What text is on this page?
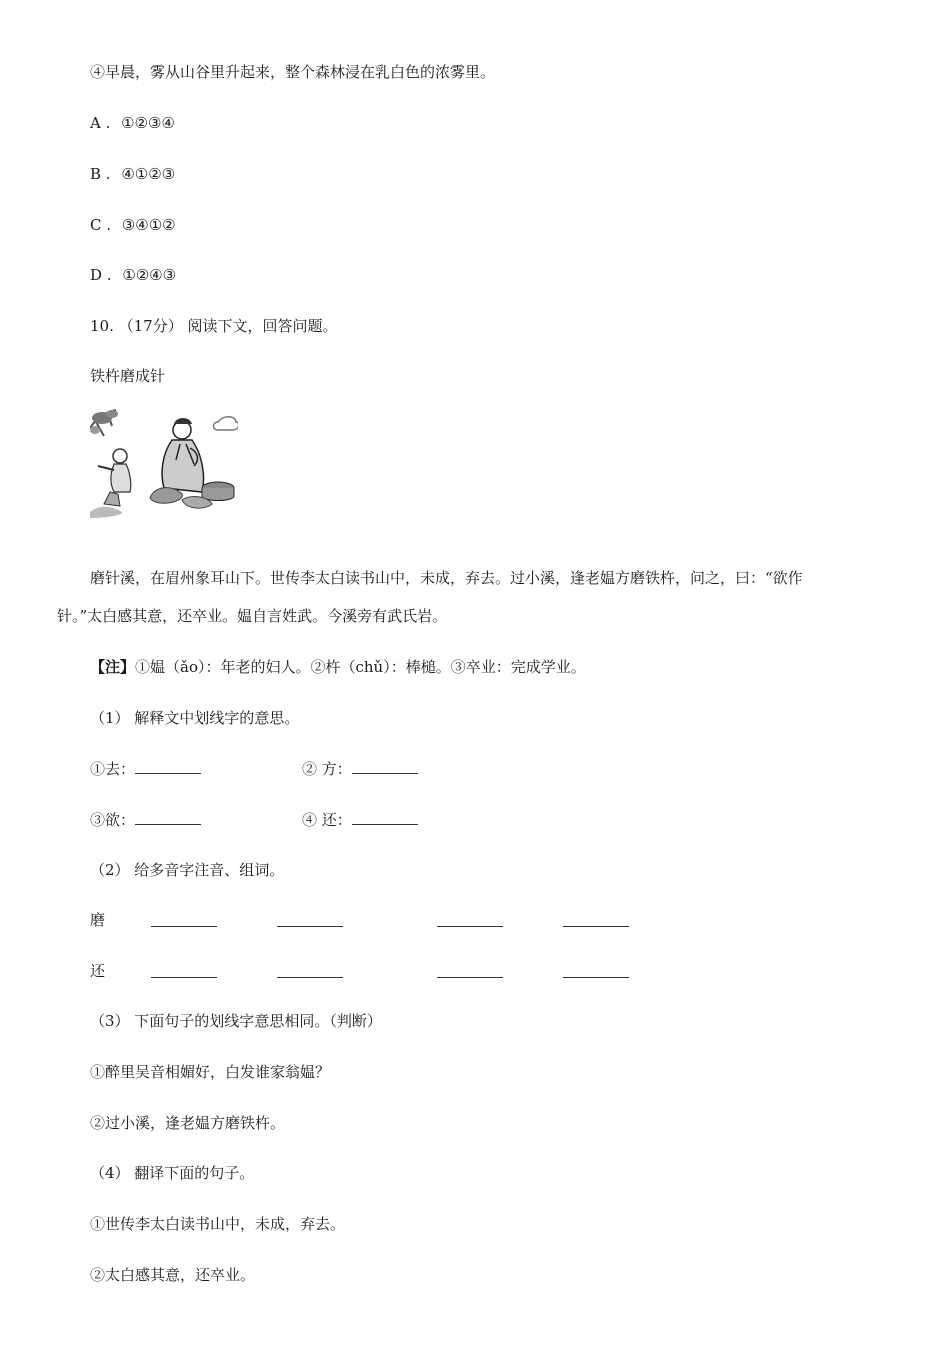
④早晨，雾从山谷里升起来，整个森林浸在乳白色的浓雾里。
A . ①②③④
B . ④①②③
C . ③④①②
D . ①②④③
10. （17分） 阅读下文，回答问题。
铁杵磨成针
磨针溪，在眉州象耳山下。世传李太白读书山中，未成，弃去。过小溪，逢老媪方磨铁杵，问之，曰：“欲作
针。”太白感其意，还卒业。媪自言姓武。今溪旁有武氏岩。
【注】①媪（ǎo）：年老的妇人。②杵（chǔ）：棒槌。③卒业：完成学业。
（1） 解释文中划线字的意思。
①去：	② 方：
③欲：	④ 还：
（2） 给多音字注音、组词。
磨
还
（3） 下面句子的划线字意思相同。（判断）
①醉里吴音相媚好，白发谁家翁媪？
②过小溪，逢老媪方磨铁杵。
（4） 翻译下面的句子。
①世传李太白读书山中，未成，弃去。
②太白感其意，还卒业。
